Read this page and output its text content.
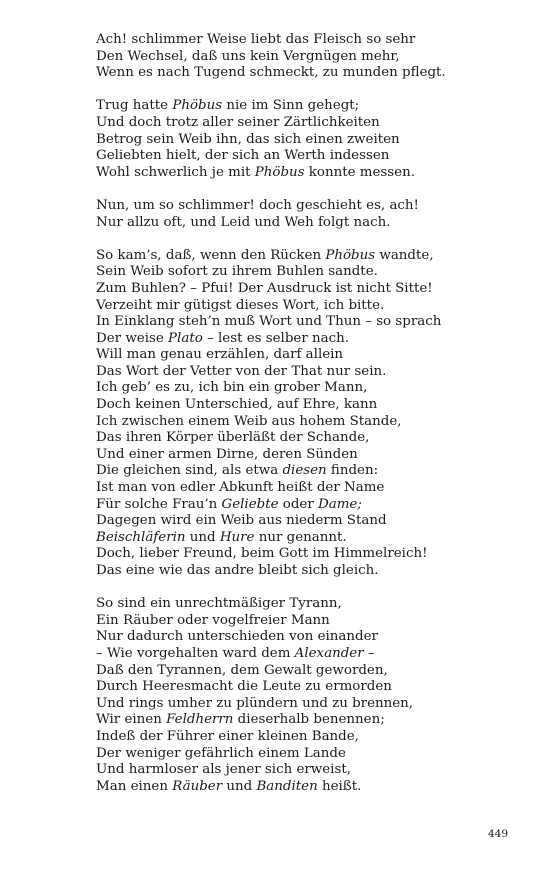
Ach! schlimmer Weise liebt das Fleisch so sehr
Den Wechsel, daß uns kein Vergnügen mehr,
Wenn es nach Tugend schmeckt, zu munden pflegt.
Trug hatte Phöbus nie im Sinn gehegt;
Und doch trotz aller seiner Zärtlichkeiten
Betrog sein Weib ihn, das sich einen zweiten
Geliebten hielt, der sich an Werth indessen
Wohl schwerlich je mit Phöbus konnte messen.
Nun, um so schlimmer! doch geschieht es, ach!
Nur allzu oft, und Leid und Weh folgt nach.
So kam’s, daß, wenn den Rücken Phöbus wandte,
Sein Weib sofort zu ihrem Buhlen sandte.
Zum Buhlen? – Pfui! Der Ausdruck ist nicht Sitte!
Verzeiht mir gütigst dieses Wort, ich bitte.
In Einklang steh’n muß Wort und Thun – so sprach
Der weise Plato – lest es selber nach.
Will man genau erzählen, darf allein
Das Wort der Vetter von der That nur sein.
Ich geb’ es zu, ich bin ein grober Mann,
Doch keinen Unterschied, auf Ehre, kann
Ich zwischen einem Weib aus hohem Stande,
Das ihren Körper überläßt der Schande,
Und einer armen Dirne, deren Sünden
Die gleichen sind, als etwa diesen finden:
Ist man von edler Abkunft heißt der Name
Für solche Frau’n Geliebte oder Dame;
Dagegen wird ein Weib aus niederm Stand
Beischläferin und Hure nur genannt.
Doch, lieber Freund, beim Gott im Himmelreich!
Das eine wie das andre bleibt sich gleich.
So sind ein unrechtmäßiger Tyrann,
Ein Räuber oder vogelfreier Mann
Nur dadurch unterschieden von einander
– Wie vorgehalten ward dem Alexander –
Daß den Tyrannen, dem Gewalt geworden,
Durch Heeresmacht die Leute zu ermorden
Und rings umher zu plündern und zu brennen,
Wir einen Feldherrn dieserhalb benennen;
Indeß der Führer einer kleinen Bande,
Der weniger gefährlich einem Lande
Und harmloser als jener sich erweist,
Man einen Räuber und Banditen heißt.
449
